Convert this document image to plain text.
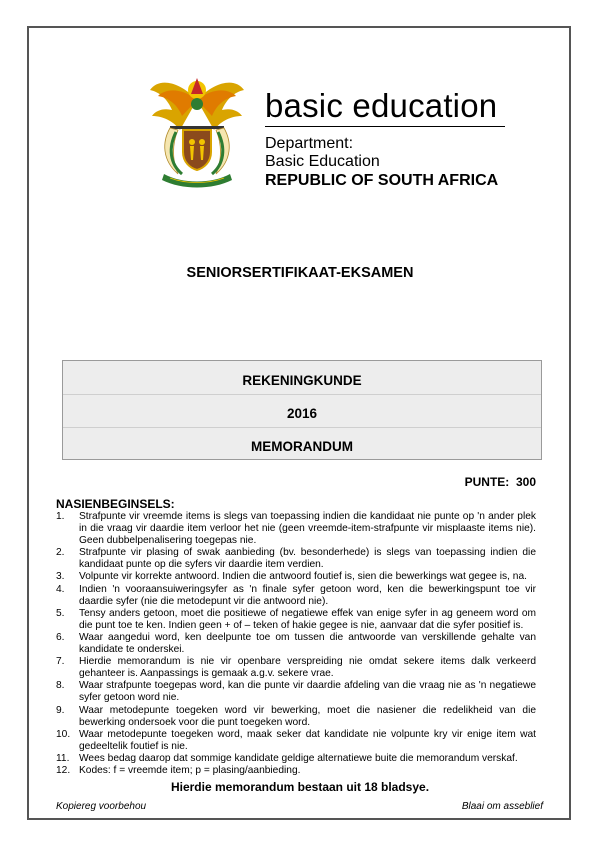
basic education
Department:
Basic Education
REPUBLIC OF SOUTH AFRICA
SENIORSERTIFIKAAT-EKSAMEN
REKENINGKUNDE
2016
MEMORANDUM
PUNTE: 300
NASIENBEGINSELS:
1. Strafpunte vir vreemde items is slegs van toepassing indien die kandidaat nie punte op 'n ander plek in die vraag vir daardie item verloor het nie (geen vreemde-item-strafpunte vir misplaaste items nie). Geen dubbelpenalisering toegepas nie.
2. Strafpunte vir plasing of swak aanbieding (bv. besonderhede) is slegs van toepassing indien die kandidaat punte op die syfers vir daardie item verdien.
3. Volpunte vir korrekte antwoord. Indien die antwoord foutief is, sien die bewerkings wat gegee is, na.
4. Indien 'n vooraansuiweringsyfer as 'n finale syfer getoon word, ken die bewerkingspunt toe vir daardie syfer (nie die metodepunt vir die antwoord nie).
5. Tensy anders getoon, moet die positiewe of negatiewe effek van enige syfer in ag geneem word om die punt toe te ken. Indien geen + of – teken of hakie gegee is nie, aanvaar dat die syfer positief is.
6. Waar aangedui word, ken deelpunte toe om tussen die antwoorde van verskillende gehalte van kandidate te onderskei.
7. Hierdie memorandum is nie vir openbare verspreiding nie omdat sekere items dalk verkeerd gehanteer is. Aanpassings is gemaak a.g.v. sekere vrae.
8. Waar strafpunte toegepas word, kan die punte vir daardie afdeling van die vraag nie as 'n negatiewe syfer getoon word nie.
9. Waar metodepunte toegeken word vir bewerking, moet die nasiener die redelikheid van die bewerking ondersoek voor die punt toegeken word.
10. Waar metodepunte toegeken word, maak seker dat kandidate nie volpunte kry vir enige item wat gedeeltelik foutief is nie.
11. Wees bedag daarop dat sommige kandidate geldige alternatiewe buite die memorandum verskaf.
12. Kodes: f = vreemde item; p = plasing/aanbieding.
Hierdie memorandum bestaan uit 18 bladsye.
Kopiereg voorbehou	Blaai om asseblief
